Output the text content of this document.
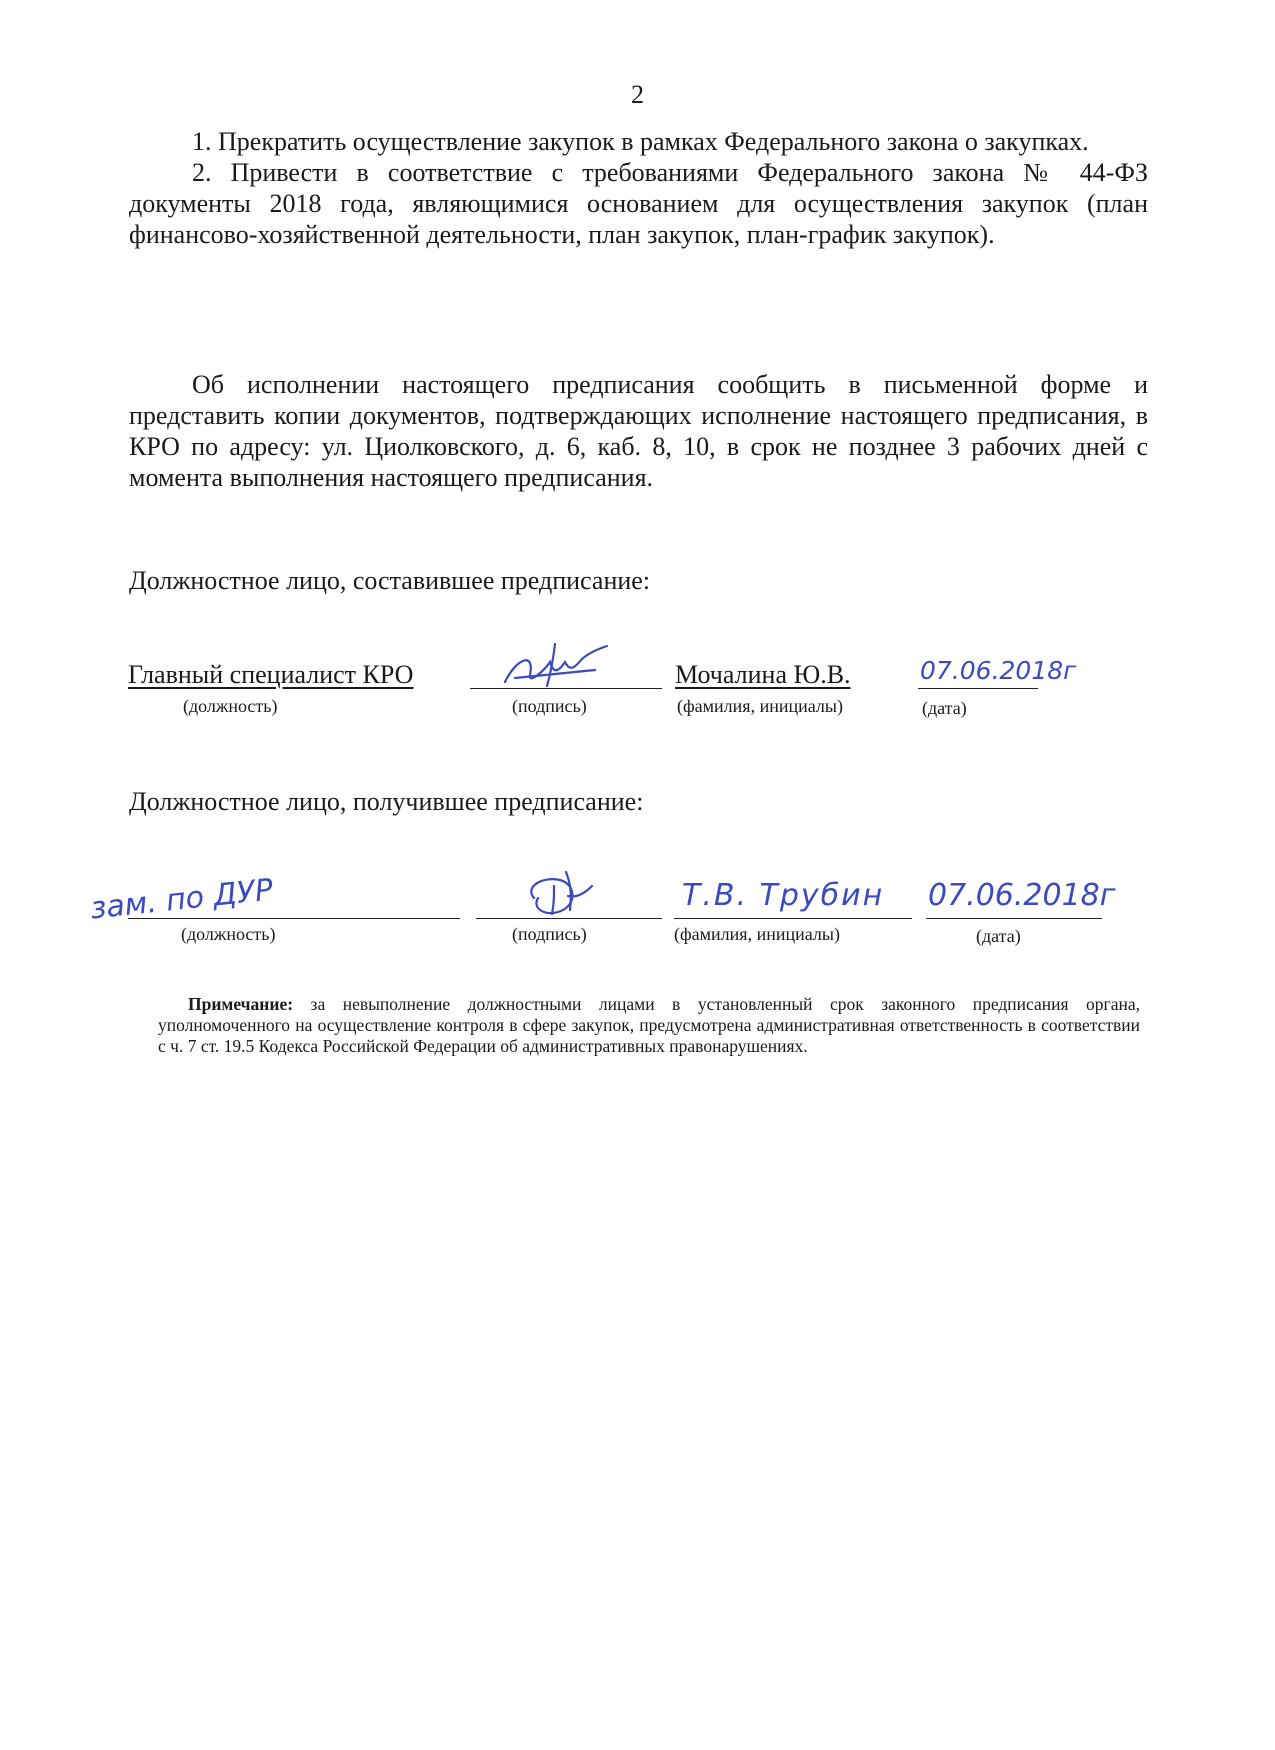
2

1. Прекратить осуществление закупок в рамках Федерального закона о закупках.

2. Привести в соответствие с требованиями Федерального закона № 44-ФЗ документы 2018 года, являющимися основанием для осуществления закупок (план финансово-хозяйственной деятельности, план закупок, план-график закупок).

Об исполнении настоящего предписания сообщить в письменной форме и представить копии документов, подтверждающих исполнение настоящего предписания, в КРО по адресу: ул. Циолковского, д. 6, каб. 8, 10, в срок не позднее 3 рабочих дней с момента выполнения настоящего предписания.

Должностное лицо, составившее предписание:
Главный специалист КРО
(должность)	(подпись)
Мочалина Ю.В.
(фамилия, инициалы)
07.06.2018г
(дата)
Должностное лицо, получившее предписание:
зам. по ДУР
(должность)	(подпись)
Т.В. Трубин
(фамилия, инициалы)
07.06.2018г
(дата)
Примечание: за невыполнение должностными лицами в установленный срок законного предписания органа, уполномоченного на осуществление контроля в сфере закупок, предусмотрена административная ответственность в соответствии с ч. 7 ст. 19.5 Кодекса Российской Федерации об административных правонарушениях.
